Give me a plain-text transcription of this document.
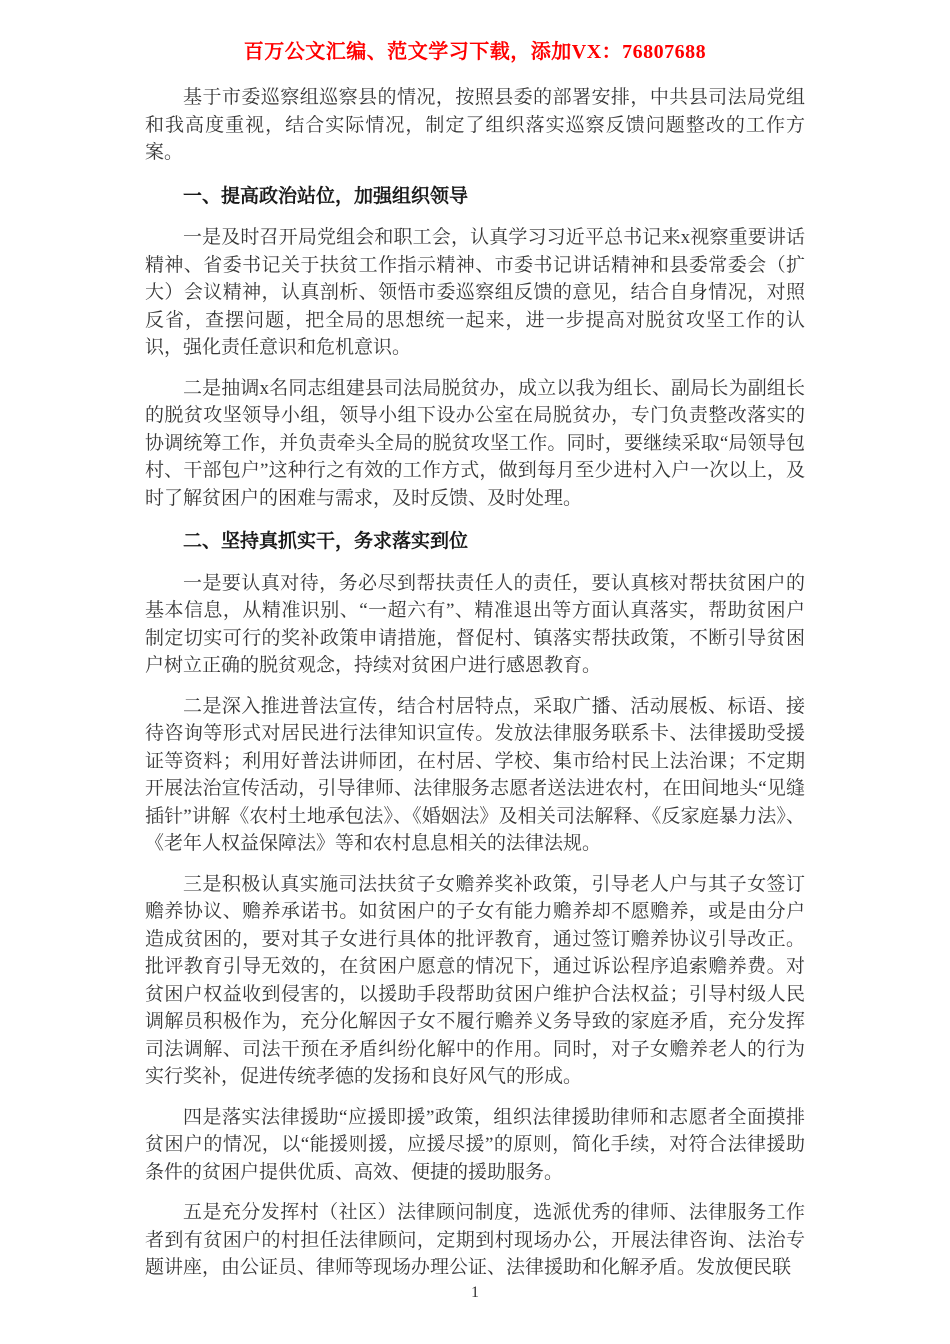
百万公文汇编、范文学习下载，添加VX：76807688

基于市委巡察组巡察县的情况，按照县委的部署安排，中共县司法局党组和我高度重视，结合实际情况，制定了组织落实巡察反馈问题整改的工作方案。

一、提高政治站位，加强组织领导

一是及时召开局党组会和职工会，认真学习习近平总书记来x视察重要讲话精神、省委书记关于扶贫工作指示精神、市委书记讲话精神和县委常委会（扩大）会议精神，认真剖析、领悟市委巡察组反馈的意见，结合自身情况，对照反省，查摆问题，把全局的思想统一起来，进一步提高对脱贫攻坚工作的认识，强化责任意识和危机意识。

二是抽调x名同志组建县司法局脱贫办，成立以我为组长、副局长为副组长的脱贫攻坚领导小组，领导小组下设办公室在局脱贫办，专门负责整改落实的协调统筹工作，并负责牵头全局的脱贫攻坚工作。同时，要继续采取“局领导包村、干部包户”这种行之有效的工作方式，做到每月至少进村入户一次以上，及时了解贫困户的困难与需求，及时反馈、及时处理。

二、坚持真抓实干，务求落实到位

一是要认真对待，务必尽到帮扶责任人的责任，要认真核对帮扶贫困户的基本信息，从精准识别、“一超六有”、精准退出等方面认真落实，帮助贫困户制定切实可行的奖补政策申请措施，督促村、镇落实帮扶政策，不断引导贫困户树立正确的脱贫观念，持续对贫困户进行感恩教育。

二是深入推进普法宣传，结合村居特点，采取广播、活动展板、标语、接待咨询等形式对居民进行法律知识宣传。发放法律服务联系卡、法律援助受援证等资料；利用好普法讲师团，在村居、学校、集市给村民上法治课；不定期开展法治宣传活动，引导律师、法律服务志愿者送法进农村，在田间地头“见缝插针”讲解《农村土地承包法》、《婚姻法》及相关司法解释、《反家庭暴力法》、《老年人权益保障法》等和农村息息相关的法律法规。

三是积极认真实施司法扶贫子女赡养奖补政策，引导老人户与其子女签订赡养协议、赡养承诺书。如贫困户的子女有能力赡养却不愿赡养，或是由分户造成贫困的，要对其子女进行具体的批评教育，通过签订赡养协议引导改正。批评教育引导无效的，在贫困户愿意的情况下，通过诉讼程序追索赡养费。对贫困户权益收到侵害的，以援助手段帮助贫困户维护合法权益；引导村级人民调解员积极作为，充分化解因子女不履行赡养义务导致的家庭矛盾，充分发挥司法调解、司法干预在矛盾纠纷化解中的作用。同时，对子女赡养老人的行为实行奖补，促进传统孝德的发扬和良好风气的形成。

四是落实法律援助“应援即援”政策，组织法律援助律师和志愿者全面摸排贫困户的情况，以“能援则援，应援尽援”的原则，简化手续，对符合法律援助条件的贫困户提供优质、高效、便捷的援助服务。

五是充分发挥村（社区）法律顾问制度，选派优秀的律师、法律服务工作者到有贫困户的村担任法律顾问，定期到村现场办公，开展法律咨询、法治专题讲座，由公证员、律师等现场办理公证、法律援助和化解矛盾。发放便民联

1
